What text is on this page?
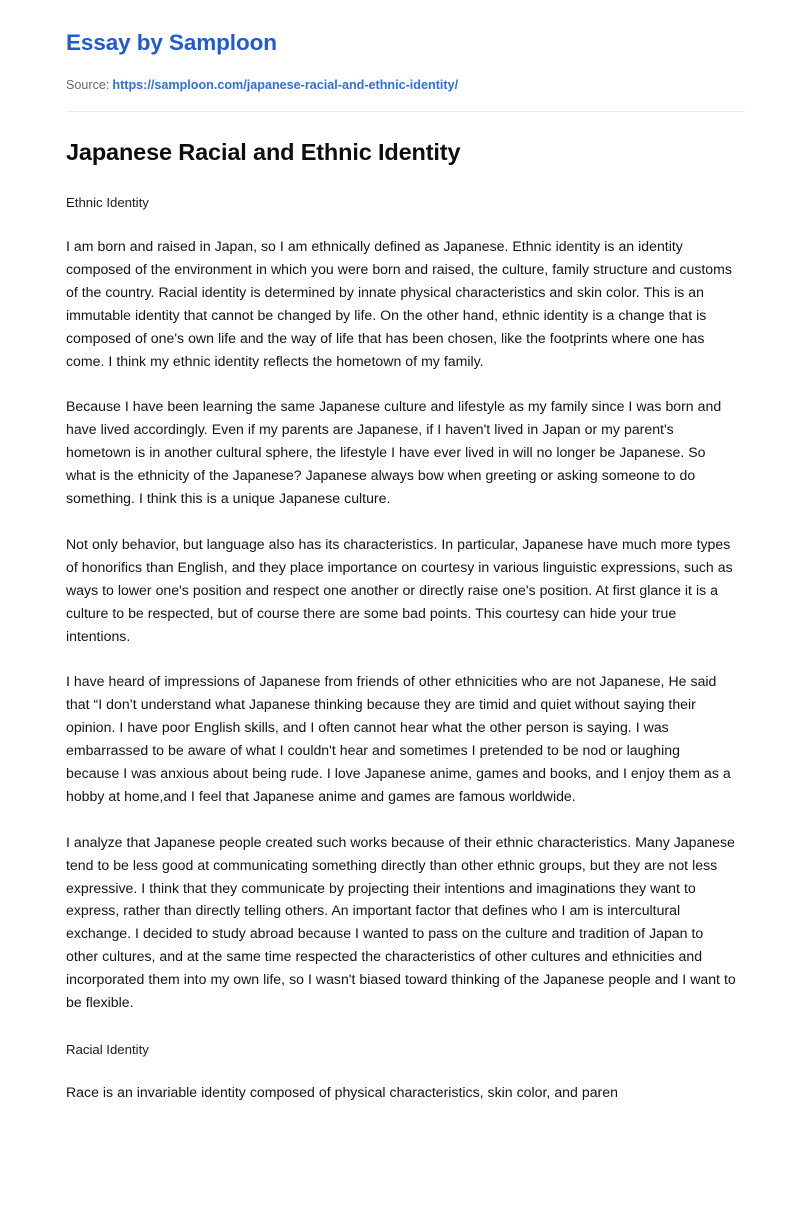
Essay by Samploon

Source: https://samploon.com/japanese-racial-and-ethnic-identity/

Japanese Racial and Ethnic Identity
Ethnic Identity

I am born and raised in Japan, so I am ethnically defined as Japanese. Ethnic identity is an identity composed of the environment in which you were born and raised, the culture, family structure and customs of the country. Racial identity is determined by innate physical characteristics and skin color. This is an immutable identity that cannot be changed by life. On the other hand, ethnic identity is a change that is composed of one's own life and the way of life that has been chosen, like the footprints where one has come. I think my ethnic identity reflects the hometown of my family.

Because I have been learning the same Japanese culture and lifestyle as my family since I was born and have lived accordingly. Even if my parents are Japanese, if I haven't lived in Japan or my parent's hometown is in another cultural sphere, the lifestyle I have ever lived in will no longer be Japanese. So what is the ethnicity of the Japanese? Japanese always bow when greeting or asking someone to do something. I think this is a unique Japanese culture.

Not only behavior, but language also has its characteristics. In particular, Japanese have much more types of honorifics than English, and they place importance on courtesy in various linguistic expressions, such as ways to lower one's position and respect one another or directly raise one's position. At first glance it is a culture to be respected, but of course there are some bad points. This courtesy can hide your true intentions.

I have heard of impressions of Japanese from friends of other ethnicities who are not Japanese, He said that “I don’t understand what Japanese thinking because they are timid and quiet without saying their opinion. I have poor English skills, and I often cannot hear what the other person is saying. I was embarrassed to be aware of what I couldn't hear and sometimes I pretended to be nod or laughing because I was anxious about being rude. I love Japanese anime, games and books, and I enjoy them as a hobby at home,and I feel that Japanese anime and games are famous worldwide.

I analyze that Japanese people created such works because of their ethnic characteristics. Many Japanese tend to be less good at communicating something directly than other ethnic groups, but they are not less expressive. I think that they communicate by projecting their intentions and imaginations they want to express, rather than directly telling others. An important factor that defines who I am is intercultural exchange. I decided to study abroad because I wanted to pass on the culture and tradition of Japan to other cultures, and at the same time respected the characteristics of other cultures and ethnicities and incorporated them into my own life, so I wasn't biased toward thinking of the Japanese people and I want to be flexible.

Racial Identity

Race is an invariable identity composed of physical characteristics, skin color, and paren
